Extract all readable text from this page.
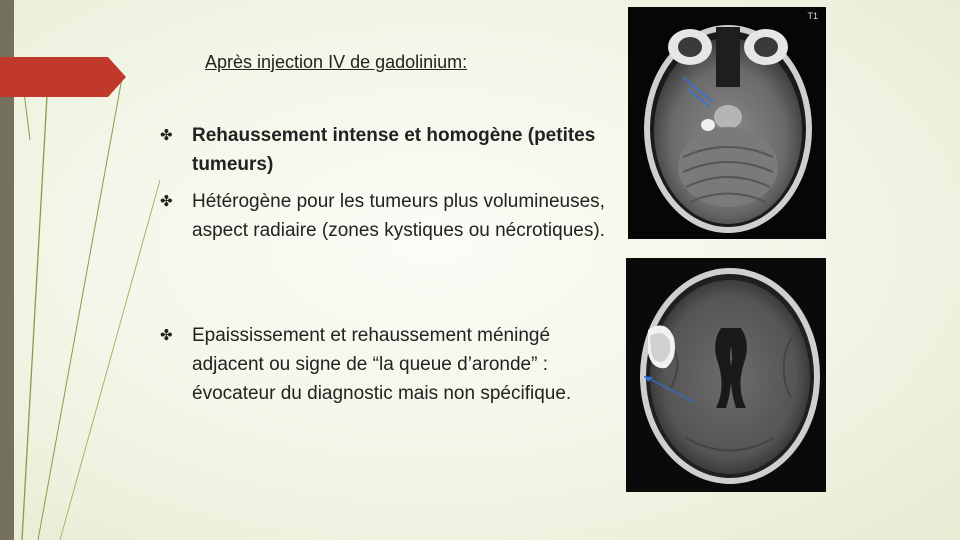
Après injection IV de gadolinium:
✤	Rehaussement intense et homogène (petites tumeurs)
✤	Hétérogène pour les tumeurs plus volumineuses, aspect radiaire (zones kystiques ou nécrotiques).
✤	Epaississement et rehaussement méningé adjacent ou signe de “la queue d’aronde” : évocateur du diagnostic mais non spécifique.
T1
